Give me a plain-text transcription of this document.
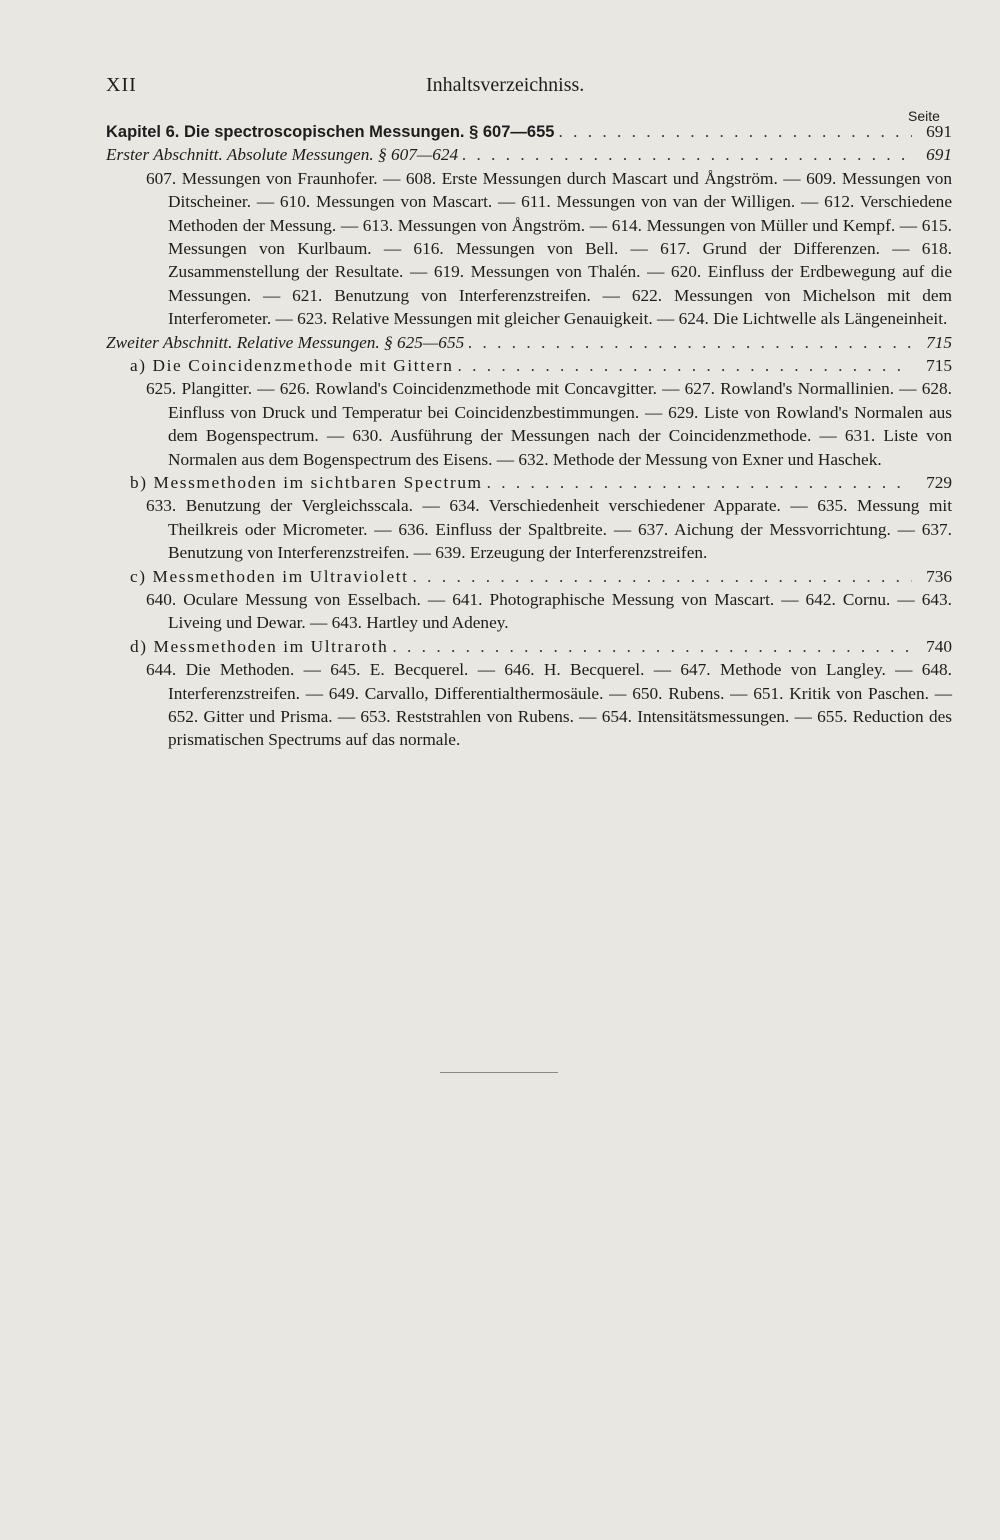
XII	Inhaltsverzeichniss.
Seite
Kapitel 6. Die spectroscopischen Messungen. § 607—655 . . .	691
Erster Abschnitt. Absolute Messungen. § 607—624 . . .	691
607. Messungen von Fraunhofer. — 608. Erste Messungen durch Mascart und Ångström. — 609. Messungen von Ditscheiner. — 610. Messungen von Mascart. — 611. Messungen von van der Willigen. — 612. Verschiedene Methoden der Messung. — 613. Messungen von Ångström. — 614. Messungen von Müller und Kempf. — 615. Messungen von Kurlbaum. — 616. Messungen von Bell. — 617. Grund der Differenzen. — 618. Zusammenstellung der Resultate. — 619. Messungen von Thalén. — 620. Einfluss der Erdbewegung auf die Messungen. — 621. Benutzung von Interferenzstreifen. — 622. Messungen von Michelson mit dem Interferometer. — 623. Relative Messungen mit gleicher Genauigkeit. — 624. Die Lichtwelle als Längeneinheit.
Zweiter Abschnitt. Relative Messungen. § 625—655 . . .	715
a) Die Coincidenzmethode mit Gittern . . .	715
625. Plangitter. — 626. Rowland's Coincidenzmethode mit Concavgitter. — 627. Rowland's Normallinien. — 628. Einfluss von Druck und Temperatur bei Coincidenzbestimmungen. — 629. Liste von Rowland's Normalen aus dem Bogenspectrum. — 630. Ausführung der Messungen nach der Coincidenzmethode. — 631. Liste von Normalen aus dem Bogenspectrum des Eisens. — 632. Methode der Messung von Exner und Haschek.
b) Messmethoden im sichtbaren Spectrum . . .	729
633. Benutzung der Vergleichsscala. — 634. Verschiedenheit verschiedener Apparate. — 635. Messung mit Theilkreis oder Micrometer. — 636. Einfluss der Spaltbreite. — 637. Aichung der Messvorrichtung. — 637. Benutzung von Interferenzstreifen. — 639. Erzeugung der Interferenzstreifen.
c) Messmethoden im Ultraviolett . . .	736
640. Oculare Messung von Esselbach. — 641. Photographische Messung von Mascart. — 642. Cornu. — 643. Liveing und Dewar. — 643. Hartley und Adeney.
d) Messmethoden im Ultraroth . . .	740
644. Die Methoden. — 645. E. Becquerel. — 646. H. Becquerel. — 647. Methode von Langley. — 648. Interferenzstreifen. — 649. Carvallo, Differentialthermosäule. — 650. Rubens. — 651. Kritik von Paschen. — 652. Gitter und Prisma. — 653. Reststrahlen von Rubens. — 654. Intensitätsmessungen. — 655. Reduction des prismatischen Spectrums auf das normale.
